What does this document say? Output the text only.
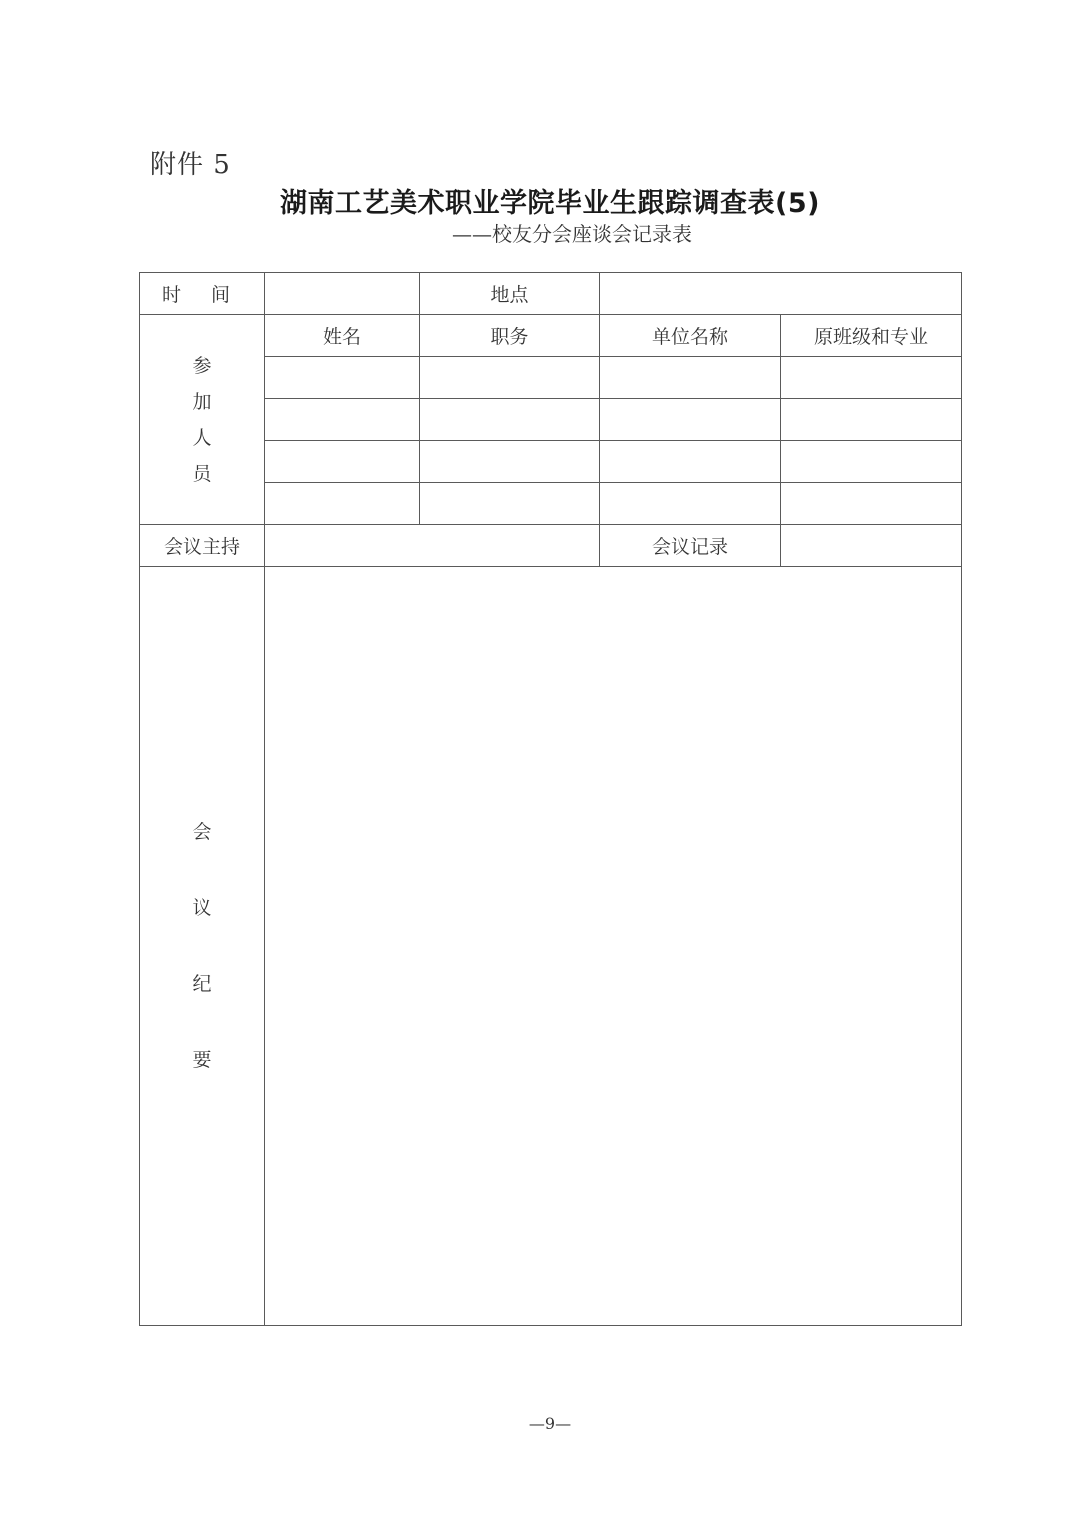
附件 5
湖南工艺美术职业学院毕业生跟踪调查表(5)
——校友分会座谈会记录表
时 间		地点		

参
加
人
员	姓名	职务	单位名称	原班级和专业

会议主持			会议记录	

会
议
纪
要				

—9—
